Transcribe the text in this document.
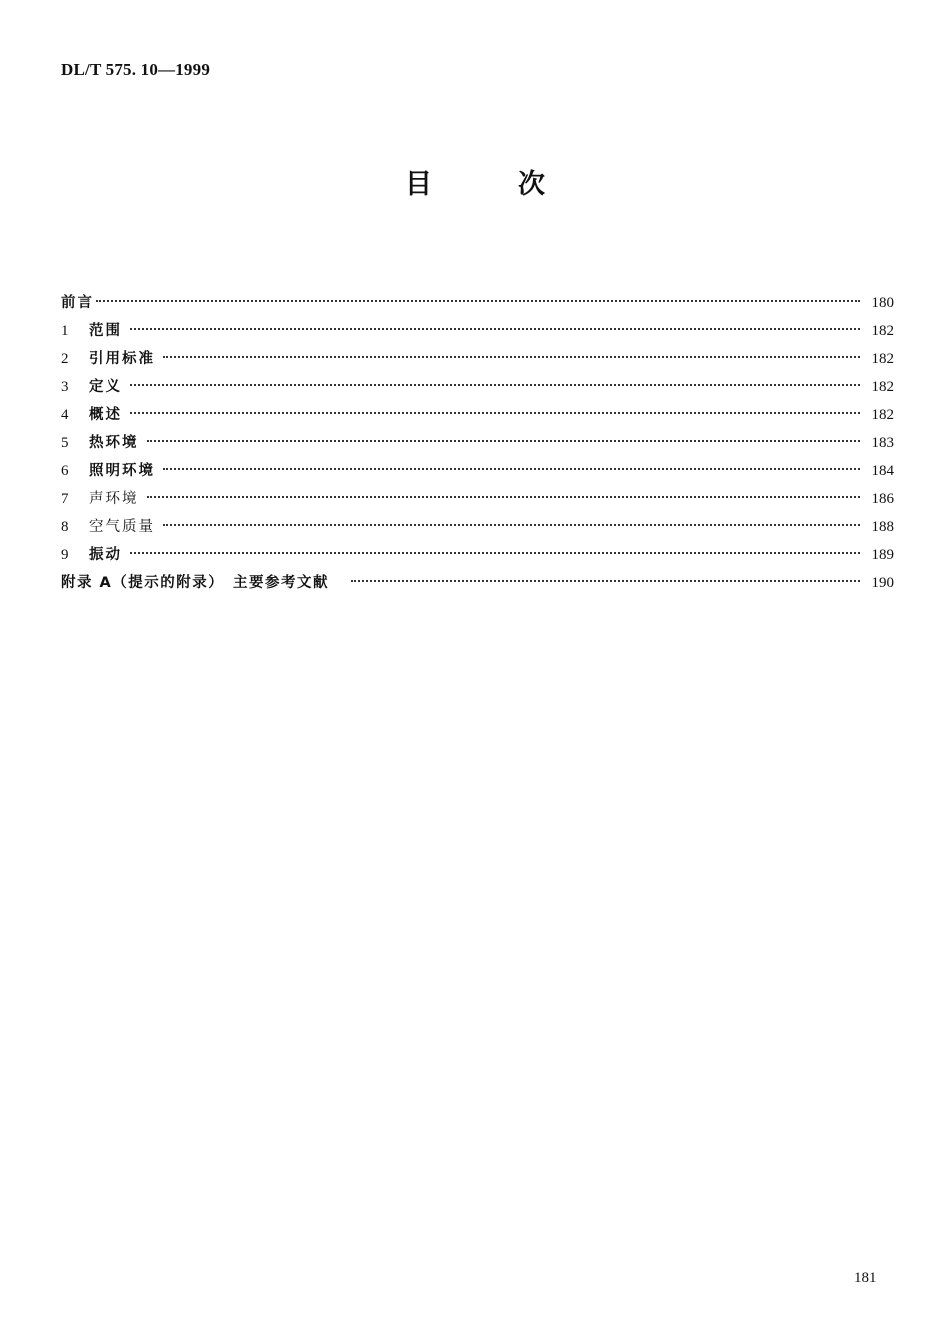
DL/T 575. 10—1999
目次
前言	180
1	范围	182
2	引用标准	182
3	定义	182
4	概述	182
5	热环境	183
6	照明环境	184
7	声环境	186
8	空气质量	188
9	振动	189
附录 A（提示的附录）　主要参考文献	190
181
